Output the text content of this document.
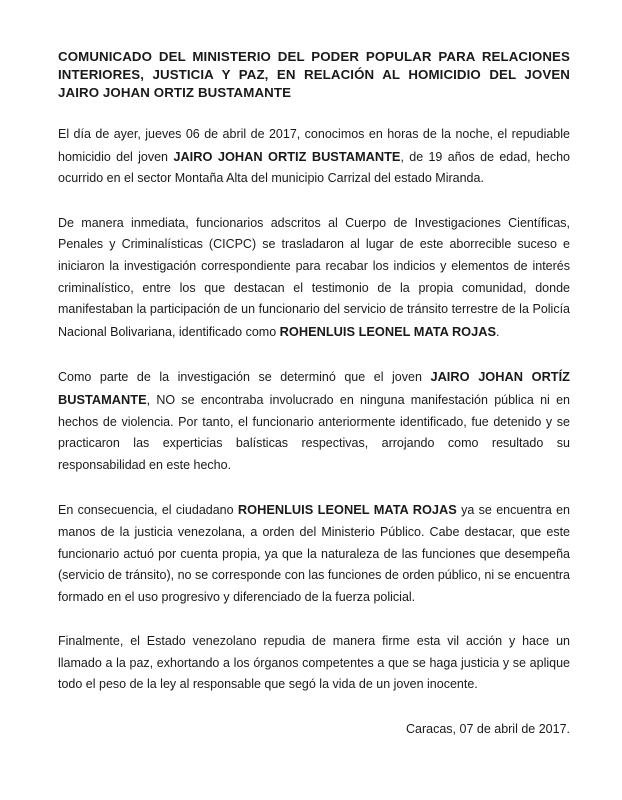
COMUNICADO DEL MINISTERIO DEL PODER POPULAR PARA RELACIONES INTERIORES, JUSTICIA Y PAZ, EN RELACIÓN AL HOMICIDIO DEL JOVEN JAIRO JOHAN ORTIZ BUSTAMANTE

El día de ayer, jueves 06 de abril de 2017, conocimos en horas de la noche, el repudiable homicidio del joven JAIRO JOHAN ORTIZ BUSTAMANTE, de 19 años de edad, hecho ocurrido en el sector Montaña Alta del municipio Carrizal del estado Miranda.

De manera inmediata, funcionarios adscritos al Cuerpo de Investigaciones Científicas, Penales y Criminalísticas (CICPC) se trasladaron al lugar de este aborrecible suceso e iniciaron la investigación correspondiente para recabar los indicios y elementos de interés criminalístico, entre los que destacan el testimonio de la propia comunidad, donde manifestaban la participación de un funcionario del servicio de tránsito terrestre de la Policía Nacional Bolivariana, identificado como ROHENLUIS LEONEL MATA ROJAS.

Como parte de la investigación se determinó que el joven JAIRO JOHAN ORTÍZ BUSTAMANTE, NO se encontraba involucrado en ninguna manifestación pública ni en hechos de violencia. Por tanto, el funcionario anteriormente identificado, fue detenido y se practicaron las experticias balísticas respectivas, arrojando como resultado su responsabilidad en este hecho.

En consecuencia, el ciudadano ROHENLUIS LEONEL MATA ROJAS ya se encuentra en manos de la justicia venezolana, a orden del Ministerio Público. Cabe destacar, que este funcionario actuó por cuenta propia, ya que la naturaleza de las funciones que desempeña (servicio de tránsito), no se corresponde con las funciones de orden público, ni se encuentra formado en el uso progresivo y diferenciado de la fuerza policial.

Finalmente, el Estado venezolano repudia de manera firme esta vil acción y hace un llamado a la paz, exhortando a los órganos competentes a que se haga justicia y se aplique todo el peso de la ley al responsable que segó la vida de un joven inocente.

Caracas, 07 de abril de 2017.
